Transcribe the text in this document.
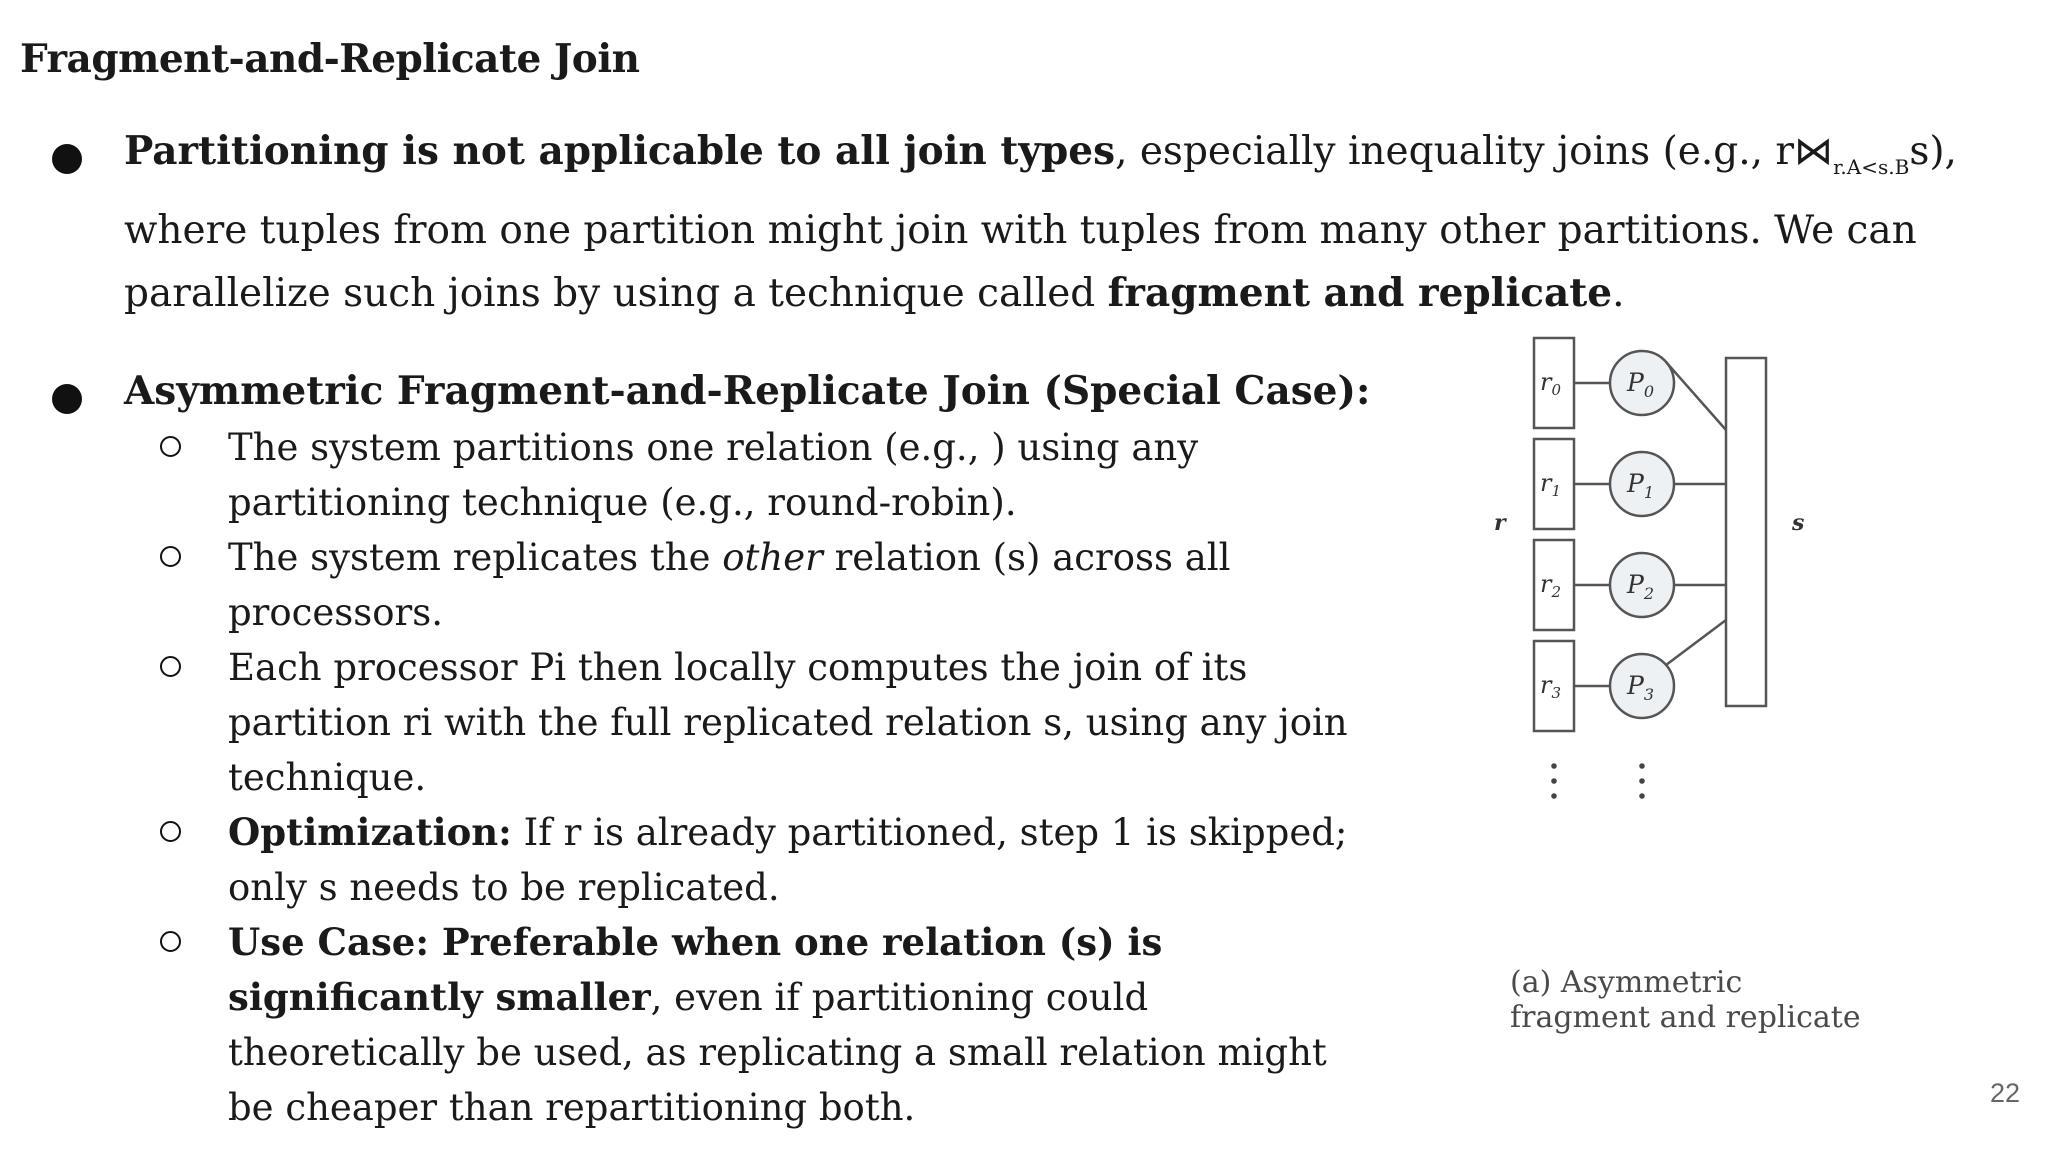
Fragment-and-Replicate Join
Partitioning is not applicable to all join types, especially inequality joins (e.g., $r⋈_{r.A<s.B}s$), where tuples from one partition might join with tuples from many other partitions. We can parallelize such joins by using a technique called fragment and replicate.
Asymmetric Fragment-and-Replicate Join (Special Case):

The system partitions one relation (e.g., ) using any partitioning technique (e.g., round-robin).

The system replicates the other relation (s) across all processors.

Each processor Pi then locally computes the join of its partition ri with the full replicated relation s, using any join technique.

Optimization: If r is already partitioned, step 1 is skipped; only s needs to be replicated.

Use Case: Preferable when one relation (s) is significantly smaller, even if partitioning could theoretically be used, as replicating a small relation might be cheaper than repartitioning both.

r	s
$r_0$
$r_1$
$r_2$
$r_3$
$P_0$
$P_1$
$P_2$
$P_3$
(a) Asymmetric
fragment and replicate
22
